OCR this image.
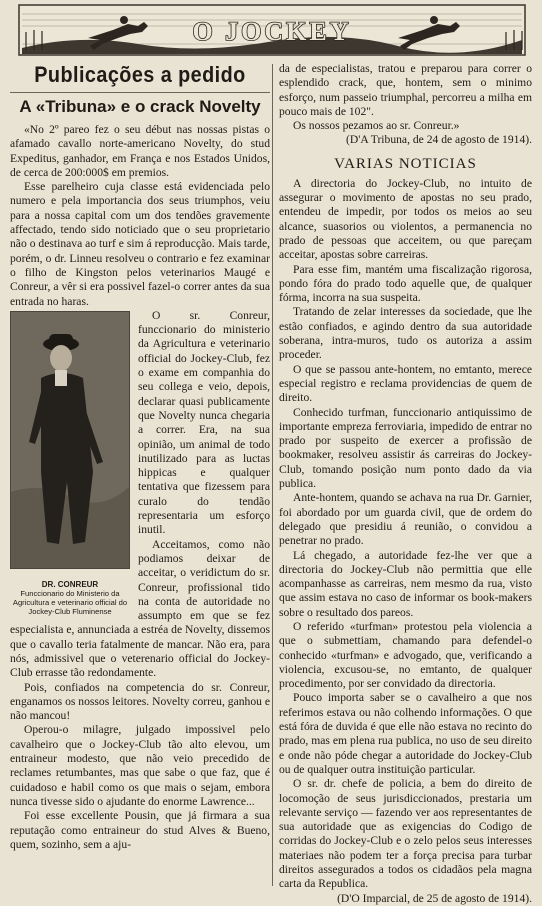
O JOCKEY
Publicações a pedido
A «Tribuna» e o crack Novelty

«No 2º pareo fez o seu début nas nossas pistas o afamado cavallo norte-americano Novelty, do stud Expeditus, ganhador, em França e nos Estados Unidos, de cerca de 200:000$ em premios.

Esse parelheiro cuja classe está evidenciada pelo numero e pela importancia dos seus triumphos, veiu para a nossa capital com um dos tendões gravemente affectado, tendo sido noticiado que o seu proprietario não o destinava ao turf e sim á reproducção. Mais tarde, porém, o dr. Linneu resolveu o contrario e fez examinar o filho de Kingston pelos veterinarios Maugé e Conreur, a vêr si era possivel fazel-o correr antes da sua entrada no haras.

DR. CONREUR
Funccionario do Ministerio da Agricultura e veterinario official do Jockey-Club Fluminense

O sr. Conreur, funccionario do ministerio da Agricultura e veterinario official do Jockey-Club, fez o exame em companhia do seu collega e veio, depois, declarar quasi publicamente que Novelty nunca chegaria a correr. Era, na sua opinião, um animal de todo inutilizado para as luctas hippicas e qualquer tentativa que fizessem para curalo do tendão representaria um esforço inutil.

Acceitamos, como não podiamos deixar de acceitar, o veridictum do sr. Conreur, profissional tido na conta de autoridade no assumpto em que se fez especialista e, annunciada a estréa de Novelty, dissemos que o cavallo teria fatalmente de mancar. Não era, para nós, admissivel que o veterenario official do Jockey-Club errasse tão redondamente.

Pois, confiados na competencia do sr. Conreur, enganamos os nossos leitores. Novelty correu, ganhou e não mancou!

Operou-o milagre, julgado impossivel pelo cavalheiro que o Jockey-Club tão alto elevou, um entraineur modesto, que não veio precedido de reclames retumbantes, mas que sabe o que faz, que é cuidadoso e habil como os que mais o sejam, embora nunca tivesse sido o ajudante do enorme Lawrence...

Foi esse excellente Pousin, que já firmara a sua reputação como entraineur do stud Alves & Bueno, quem, sozinho, sem a aju-

da de especialistas, tratou e preparou para correr o esplendido crack, que, hontem, sem o minimo esforço, num passeio triumphal, percorreu a milha em pouco mais de 102".

Os nossos pezamos ao sr. Conreur.»

(D'A Tribuna, de 24 de agosto de 1914).

VARIAS NOTICIAS

A directoria do Jockey-Club, no intuito de assegurar o movimento de apostas no seu prado, entendeu de impedir, por todos os meios ao seu alcance, suasorios ou violentos, a permanencia no prado de pessoas que acceitem, ou que pareçam acceitar, apostas sobre carreiras.

Para esse fim, mantém uma fiscalização rigorosa, pondo fóra do prado todo aquelle que, de qualquer fórma, incorra na sua suspeita.

Tratando de zelar interesses da sociedade, que lhe estão confiados, e agindo dentro da sua autoridade soberana, intra-muros, tudo os autoriza a assim proceder.

O que se passou ante-hontem, no emtanto, merece especial registro e reclama providencias de quem de direito.

Conhecido turfman, funccionario antiquissimo de importante empreza ferroviaria, impedido de entrar no prado por suspeito de exercer a profissão de bookmaker, resolveu assistir ás carreiras do Jockey-Club, tomando posição num ponto dado da via publica.

Ante-hontem, quando se achava na rua Dr. Garnier, foi abordado por um guarda civil, que de ordem do delegado que presidiu á reunião, o convidou a penetrar no prado.

Lá chegado, a autoridade fez-lhe ver que a directoria do Jockey-Club não permittia que elle acompanhasse as carreiras, nem mesmo da rua, visto que assim estava no caso de informar os book-makers sobre o resultado dos pareos.

O referido «turfman» protestou pela violencia a que o submettiam, chamando para defendel-o conhecido «turfman» e advogado, que, verificando a violencia, excusou-se, no emtanto, de qualquer procedimento, por ser convidado da directoria.

Pouco importa saber se o cavalheiro a que nos referimos estava ou não colhendo informações. O que está fóra de duvida é que elle não estava no recinto do prado, mas em plena rua publica, no uso de seu direito e onde não póde chegar a autoridade do Jockey-Club ou de qualquer outra instituição particular.

O sr. dr. chefe de policia, a bem do direito de locomoção de seus jurisdiccionados, prestaria um relevante serviço — fazendo ver aos representantes de sua autoridade que as exigencias do Codigo de corridas do Jockey-Club e o zelo pelos seus interesses materiaes não podem ter a força precisa para turbar direitos assegurados a todos os cidadãos pela magna carta da Republica.

(D'O Imparcial, de 25 de agosto de 1914).
